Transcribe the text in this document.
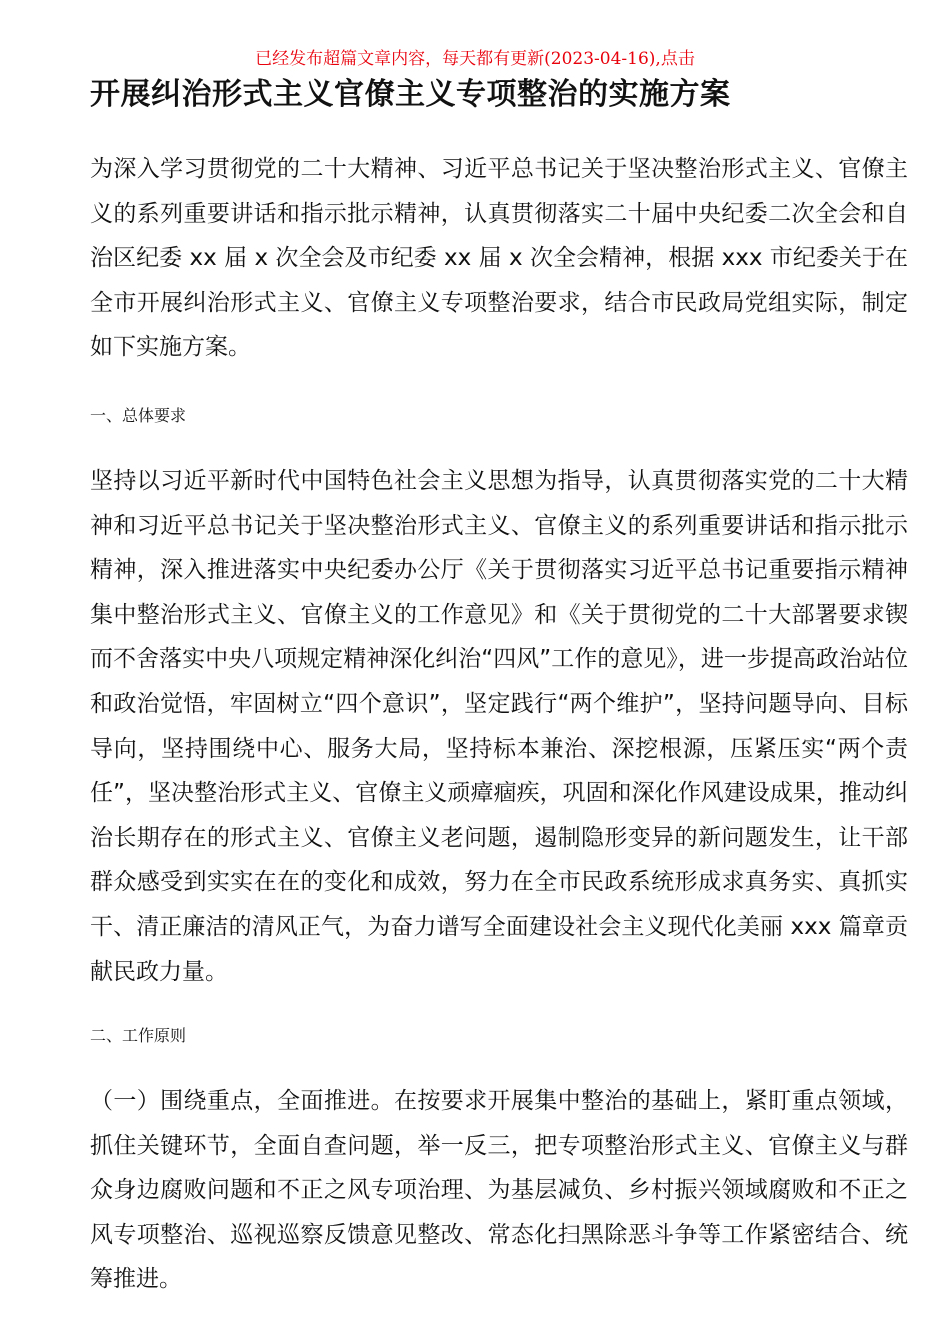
已经发布超篇文章内容，每天都有更新(2023-04-16),点击
开展纠治形式主义官僚主义专项整治的实施方案

为深入学习贯彻党的二十大精神、习近平总书记关于坚决整治形式主义、官僚主义的系列重要讲话和指示批示精神，认真贯彻落实二十届中央纪委二次全会和自治区纪委 xx 届 x 次全会及市纪委 xx 届 x 次全会精神，根据 xxx 市纪委关于在全市开展纠治形式主义、官僚主义专项整治要求，结合市民政局党组实际，制定如下实施方案。

一、总体要求

坚持以习近平新时代中国特色社会主义思想为指导，认真贯彻落实党的二十大精神和习近平总书记关于坚决整治形式主义、官僚主义的系列重要讲话和指示批示精神，深入推进落实中央纪委办公厅《关于贯彻落实习近平总书记重要指示精神集中整治形式主义、官僚主义的工作意见》和《关于贯彻党的二十大部署要求锲而不舍落实中央八项规定精神深化纠治“四风”工作的意见》，进一步提高政治站位和政治觉悟，牢固树立“四个意识”，坚定践行“两个维护”，坚持问题导向、目标导向，坚持围绕中心、服务大局，坚持标本兼治、深挖根源，压紧压实“两个责任”，坚决整治形式主义、官僚主义顽瘴痼疾，巩固和深化作风建设成果，推动纠治长期存在的形式主义、官僚主义老问题，遏制隐形变异的新问题发生，让干部群众感受到实实在在的变化和成效，努力在全市民政系统形成求真务实、真抓实干、清正廉洁的清风正气，为奋力谱写全面建设社会主义现代化美丽 xxx 篇章贡献民政力量。

二、工作原则

（一）围绕重点，全面推进。在按要求开展集中整治的基础上，紧盯重点领域，抓住关键环节，全面自查问题，举一反三，把专项整治形式主义、官僚主义与群众身边腐败问题和不正之风专项治理、为基层减负、乡村振兴领域腐败和不正之风专项整治、巡视巡察反馈意见整改、常态化扫黑除恶斗争等工作紧密结合、统筹推进。
